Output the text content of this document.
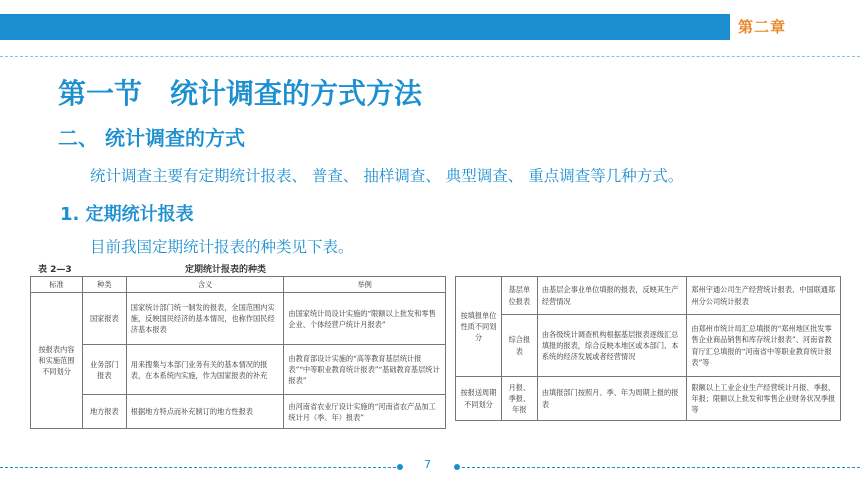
第二章
第一节　统计调查的方式方法
二、 统计调查的方式
统计调查主要有定期统计报表、 普查、 抽样调查、 典型调查、 重点调查等几种方式。
1. 定期统计报表
目前我国定期统计报表的种类见下表。
表 2—3	定期统计报表的种类
标准	种类	含义	举例
按报表内容和实施范围不同划分	国家报表	国家统计部门统一制发的报表，全国范围内实施，反映国民经济的基本情况，也称作国民经济基本报表	由国家统计局设计实施的“限额以上批发和零售企业、个体经营户统计月报表”
	业务部门报表	用来搜集与本部门业务有关的基本情况的报表，在本系统内实施，作为国家报表的补充	由教育部设计实施的“高等教育基层统计报表”“中等职业教育统计报表”“基础教育基层统计报表”
	地方报表	根据地方特点而补充制订的地方性报表	由河南省农业厅设计实施的“河南省农产品加工统计月（季、年）报表”
按填报单位性质不同划分	基层单位报表	由基层企事业单位填报的报表，反映其生产经营情况	郑州宇通公司生产经营统计报表、中国联通郑州分公司统计报表
	综合报表	由各级统计调查机构根据基层报表逐级汇总填报的报表，综合反映本地区或本部门、本系统的经济发展或者经营情况	由郑州市统计局汇总填报的“郑州地区批发零售企业商品销售和库存统计报表”、河南省教育厅汇总填报的“河南省中等职业教育统计报表”等
按报送周期不同划分	月报、季报、年报	由填报部门按照月、季、年为周期上报的报表	限额以上工业企业生产经营统计月报、季报、年报；限额以上批发和零售企业财务状况季报等
7
